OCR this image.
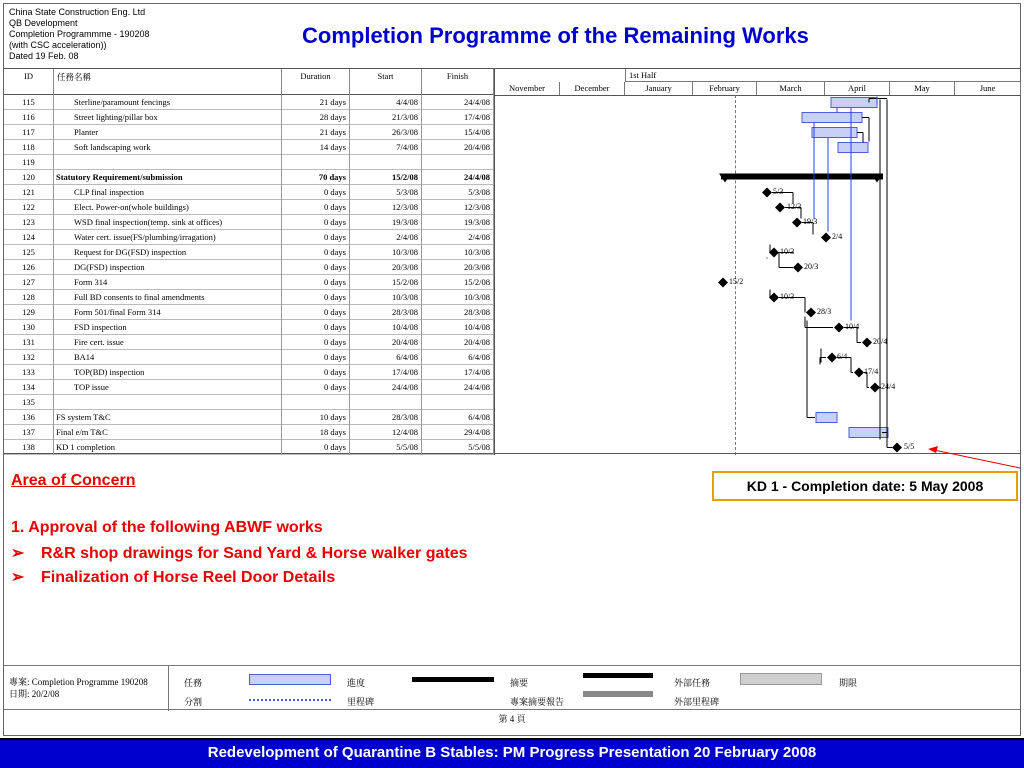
China State Construction Eng. Ltd
QB Development
Completion Programmme - 190208
(with CSC acceleration))
Dated 19 Feb. 08
Completion Programme of the Remaining Works
ID	任務名稱	Duration	Start	Finish
115	Sterline/paramount fencings	21 days	4/4/08	24/4/08
116	Street lighting/pillar box	28 days	21/3/08	17/4/08
117	Planter	21 days	26/3/08	15/4/08
118	Soft landscaping work	14 days	7/4/08	20/4/08
119
120	Statutory Requirement/submission	70 days	15/2/08	24/4/08
121	CLP final inspection	0 days	5/3/08	5/3/08
122	Elect. Power-on(whole buildings)	0 days	12/3/08	12/3/08
123	WSD final inspection(temp. sink at offices)	0 days	19/3/08	19/3/08
124	Water cert. issue(FS/plumbing/irragation)	0 days	2/4/08	2/4/08
125	Request for DG(FSD) inspection	0 days	10/3/08	10/3/08
126	DG(FSD) inspection	0 days	20/3/08	20/3/08
127	Form 314	0 days	15/2/08	15/2/08
128	Full BD consents to final amendments	0 days	10/3/08	10/3/08
129	Form 501/final Form 314	0 days	28/3/08	28/3/08
130	FSD inspection	0 days	10/4/08	10/4/08
131	Fire cert. issue	0 days	20/4/08	20/4/08
132	BA14	0 days	6/4/08	6/4/08
133	TOP(BD) inspection	0 days	17/4/08	17/4/08
134	TOP issue	0 days	24/4/08	24/4/08
135
136	FS system T&C	10 days	28/3/08	6/4/08
137	Final e/m T&C	18 days	12/4/08	29/4/08
138	KD 1 completion	0 days	5/5/08	5/5/08
1st Half
November	December	January	February	March	April	May	June
5/3
12/3
19/3
2/4
10/3
20/3
15/2
10/3
28/3
10/4
20/4
6/4
17/4
24/4
5/5
Area of Concern
1. Approval of the following ABWF works
➢ R&R shop drawings for Sand Yard & Horse walker gates
➢ Finalization of Horse Reel Door Details
KD 1 - Completion date: 5 May 2008
專案: Completion Programme 190208
日期: 20/2/08
任務
分割
進度
里程碑
摘要
專案摘要報告
外部任務
外部里程碑
期限
第 4 頁
Redevelopment of Quarantine B Stables: PM Progress Presentation 20 February 2008
